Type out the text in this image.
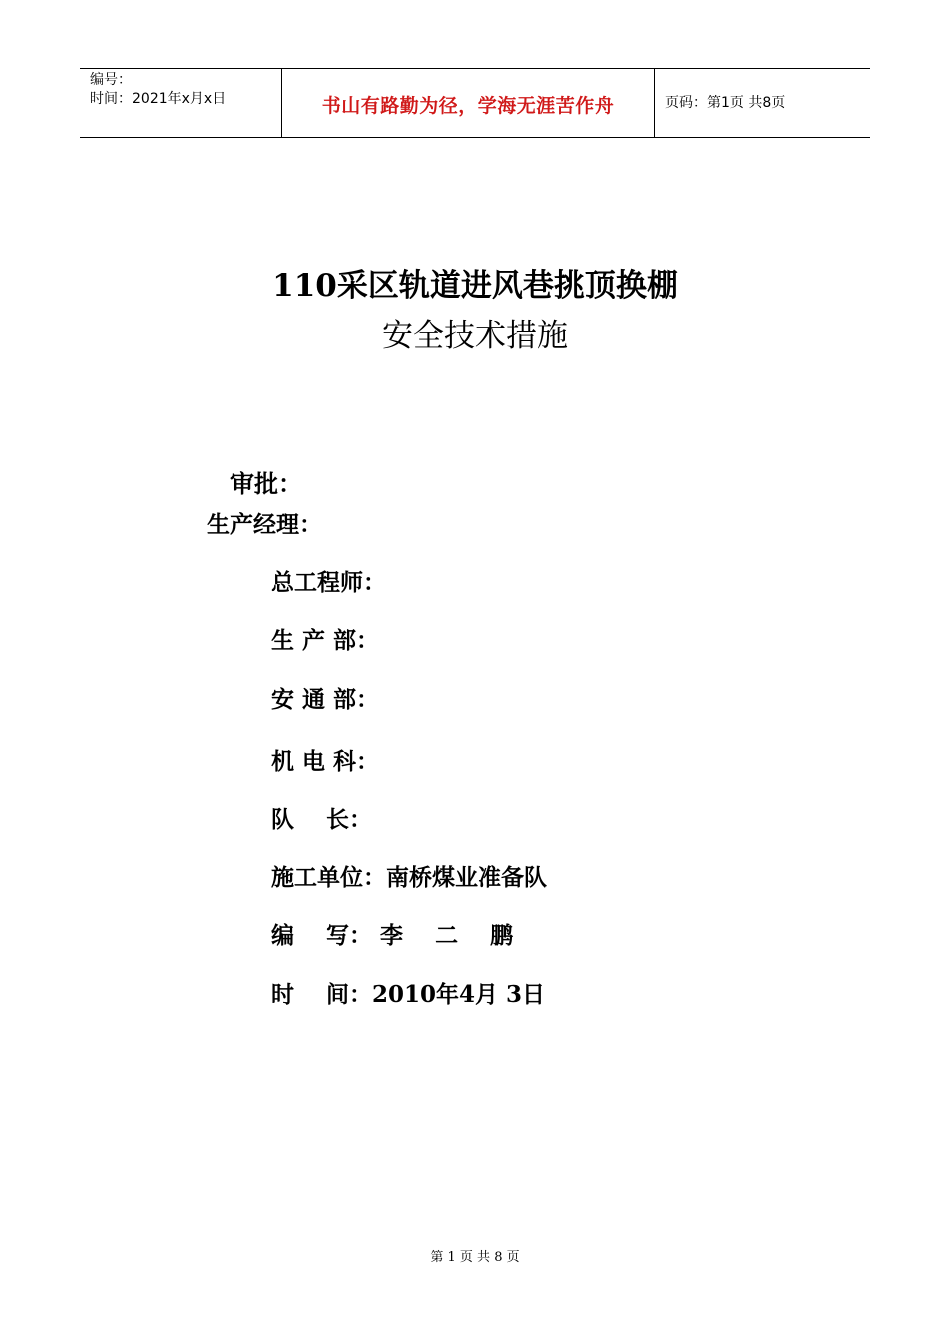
编号：
时间：2021年x月x日	书山有路勤为径，学海无涯苦作舟	页码：第1页 共8页
110采区轨道进风巷挑顶换棚
安全技术措施
审批：
生产经理：
总工程师：
生 产 部：
安 通 部：
机 电 科：
队    长：
施工单位：南桥煤业准备队
编    写： 李    二    鹏
时    间：2010年4月 3日
第 1 页 共 8 页
